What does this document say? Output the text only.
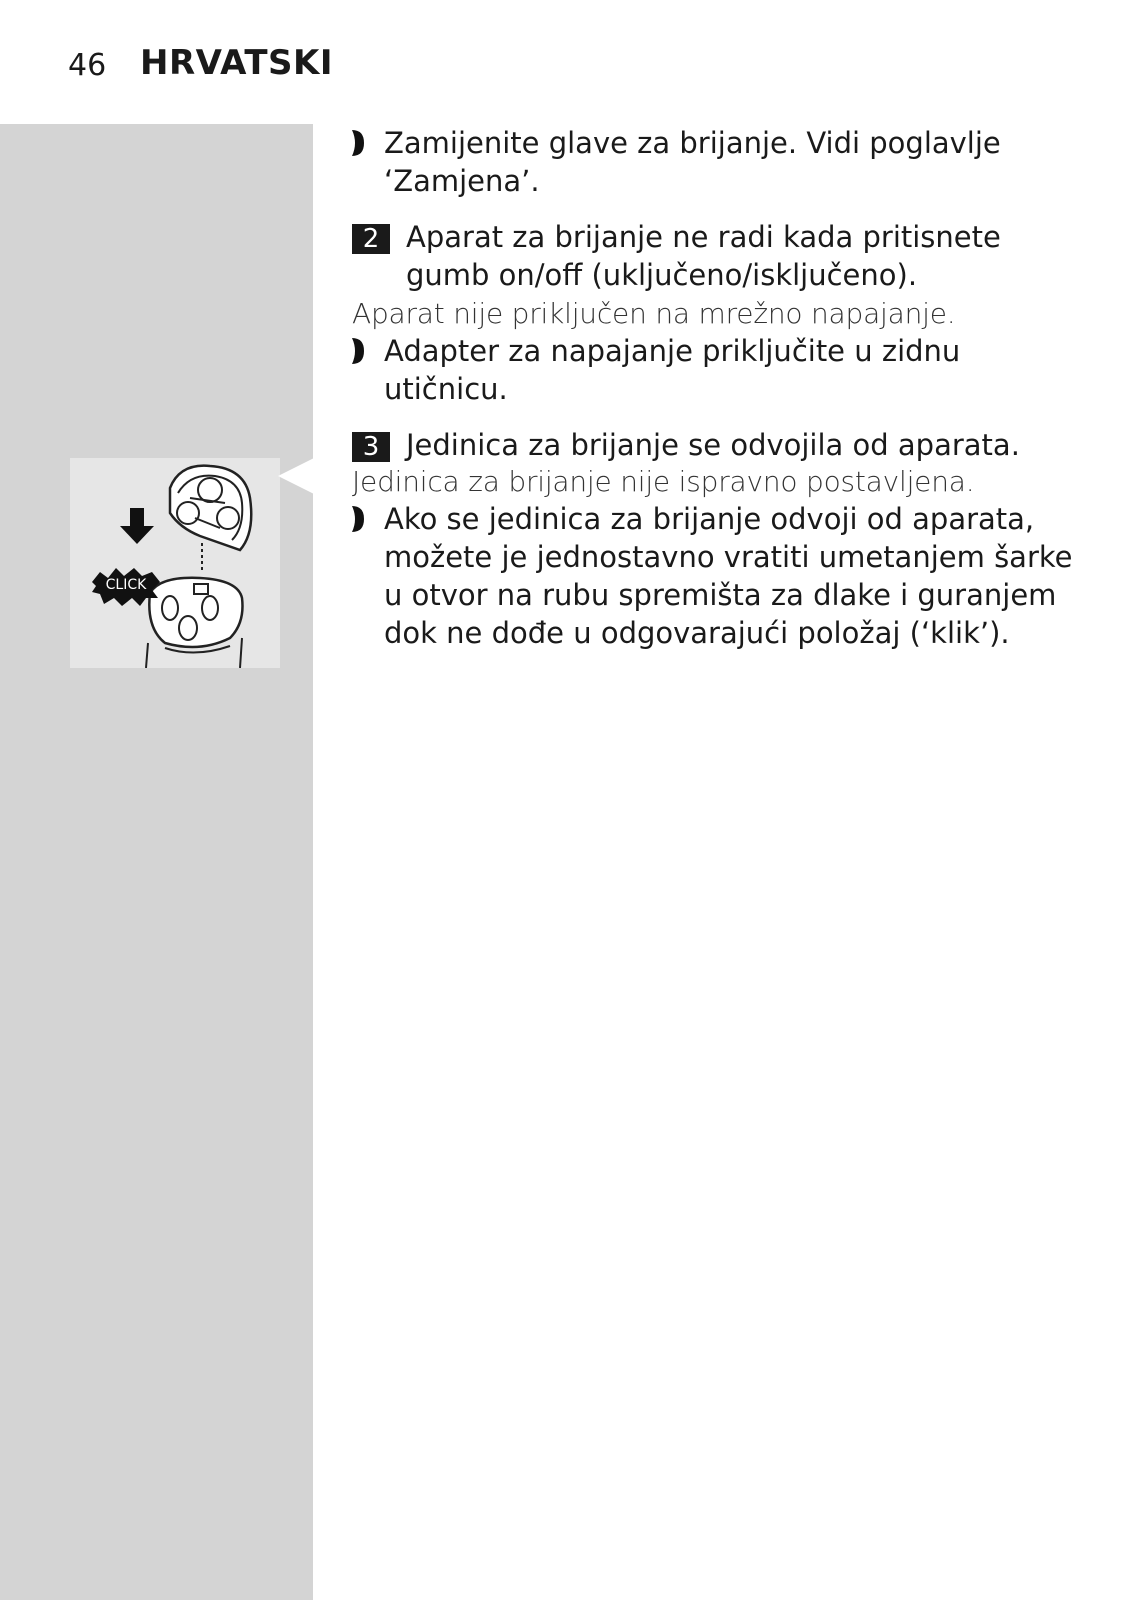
46 HRVATSKI
CLICK
Zamijenite glave za brijanje. Vidi poglavlje ‘Zamjena’.
2 Aparat za brijanje ne radi kada pritisnete gumb on/off (uključeno/isključeno).
Aparat nije priključen na mrežno napajanje.
Adapter za napajanje priključite u zidnu utičnicu.
3 Jedinica za brijanje se odvojila od aparata.
Jedinica za brijanje nije ispravno postavljena.
Ako se jedinica za brijanje odvoji od aparata, možete je jednostavno vratiti umetanjem šarke u otvor na rubu spremišta za dlake i guranjem dok ne dođe u odgovarajući položaj (‘klik’).
